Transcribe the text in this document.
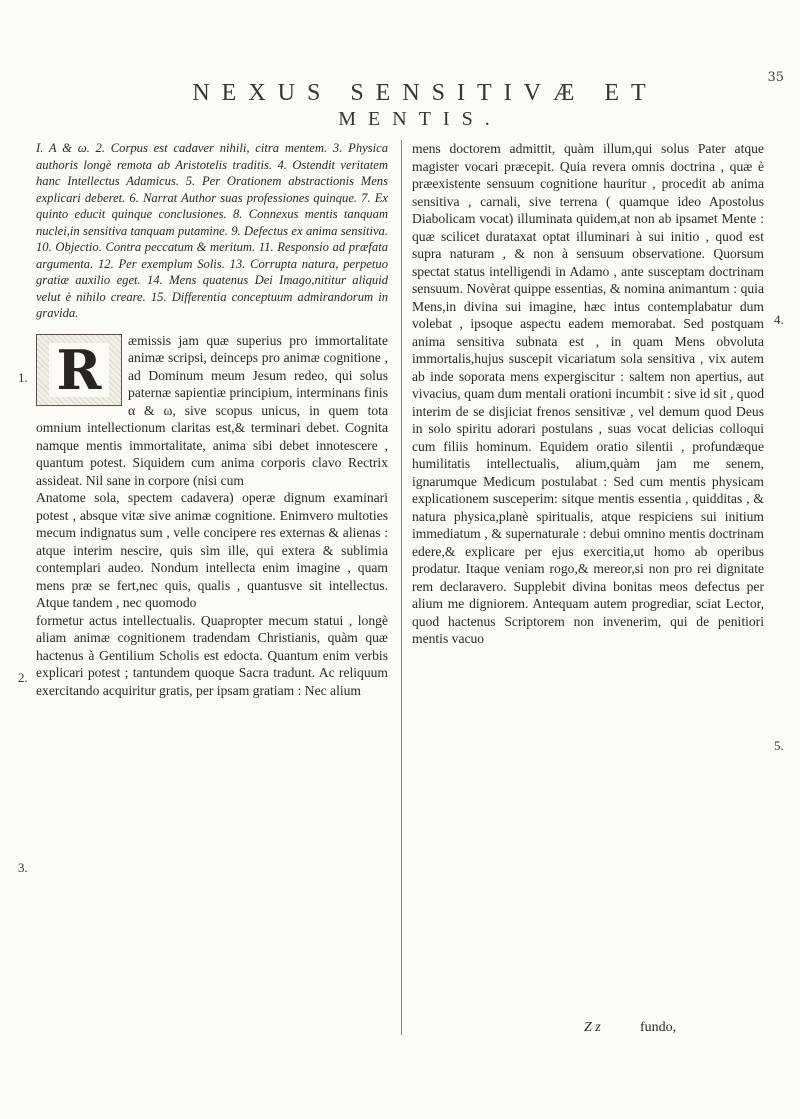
35
NEXUS SENSITIVÆ ET
MENTIS.

I. A & ω. 2. Corpus est cadaver nihili, citra mentem. 3. Physica authoris longè remota ab Aristotelis traditis. 4. Ostendit veritatem hanc Intellectus Adamicus. 5. Per Orationem abstractionis Mens explicari deberet. 6. Narrat Author suas professiones quinque. 7. Ex quinto educit quinque conclusiones. 8. Connexus mentis tanquam nuclei,in sensitiva tanquam putamine. 9. Defectus ex anima sensitiva. 10. Objectio. Contra peccatum & meritum. 11. Responsio ad præfata argumenta. 12. Per exemplum Solis. 13. Corrupta natura, perpetuo gratiæ auxilio eget. 14. Mens quatenus Dei Imago,nititur aliquid velut è nihilo creare. 15. Differentia conceptuum admirandorum in gravida.

R	æmissis jam quæ superius pro immortalitate animæ scripsi, deinceps pro animæ cognitione , ad Dominum meum Jesum redeo, qui solus paternæ sapientiæ principium, interminans finis α & ω, sive scopus unicus, in quem tota omnium intellectionum claritas est,& terminari debet. Cognita namque mentis immortalitate, anima sibi debet innotescere , quantum potest. Siquidem cum anima corporis clavo Rectrix assideat. Nil sane in corpore (nisi cum

Anatome sola, spectem cadavera) operæ dignum examinari potest , absque vitæ sive animæ cognitione. Enimvero multoties mecum indignatus sum , velle concipere res externas & alienas : atque interim nescire, quis sim ille, qui extera & sublimia contemplari audeo. Nondum intellecta enim imagine , quam mens præ se fert,nec quis, qualis , quantusve sit intellectus. Atque tandem , nec quomodo

formetur actus intellectualis. Quapropter mecum statui , longè aliam animæ cognitionem tradendam Christianis, quàm quæ hactenus à Gentilium Scholis est edocta. Quantum enim verbis explicari potest ; tantundem quoque Sacra tradunt. Ac reliquum exercitando acquiritur gratis, per ipsam gratiam : Nec alium

mens doctorem admittit, quàm illum,qui solus Pater atque magister vocari præcepit. Quia revera omnis doctrina , quæ è præexistente sensuum cognitione hauritur , procedit ab anima sensitiva , carnali, sive terrena ( quamque ideo Apostolus Diabolicam vocat) illuminata quidem,at non ab ipsamet Mente : quæ scilicet durataxat optat illuminari à sui initio , quod est supra naturam , & non à sensuum observatione. Quorsum spectat status intelligendi in Adamo , ante susceptam doctrinam sensuum. Novèrat quippe essentias, & nomina animantum : quia Mens,in divina sui imagine, hæc intus contemplabatur dum volebat , ipsoque aspectu eadem memorabat. Sed postquam anima sensitiva subnata est , in quam Mens obvoluta immortalis,hujus suscepit vicariatum sola sensitiva , vix autem ab inde soporata mens expergiscitur : saltem non apertius, aut vivacius, quam dum mentali orationi incumbit : sive id sit , quod interim de se disjiciat frenos sensitivæ , vel demum quod Deus in solo spiritu adorari postulans , suas vocat delicias colloqui cum filiis hominum. Equidem oratio silentii , profundæque humilitatis intellectualis, alium,quàm jam me senem, ignarumque Medicum postulabat : Sed cum mentis physicam explicationem susceperim: sitque mentis essentia , quidditas , & natura physica,planè spiritualis, atque respiciens sui initium immediatum , & supernaturale : debui omnino mentis doctrinam edere,& explicare per ejus exercitia,ut homo ab operibus prodatur. Itaque veniam rogo,& mereor,si non pro rei dignitate rem declaravero. Supplebit divina bonitas meos defectus per alium me digniorem. Antequam autem progrediar, sciat Lector, quod hactenus Scriptorem non invenerim, qui de penitiori mentis vacuo

1.
2.
3.
4.
5.
Z z	fundo,
